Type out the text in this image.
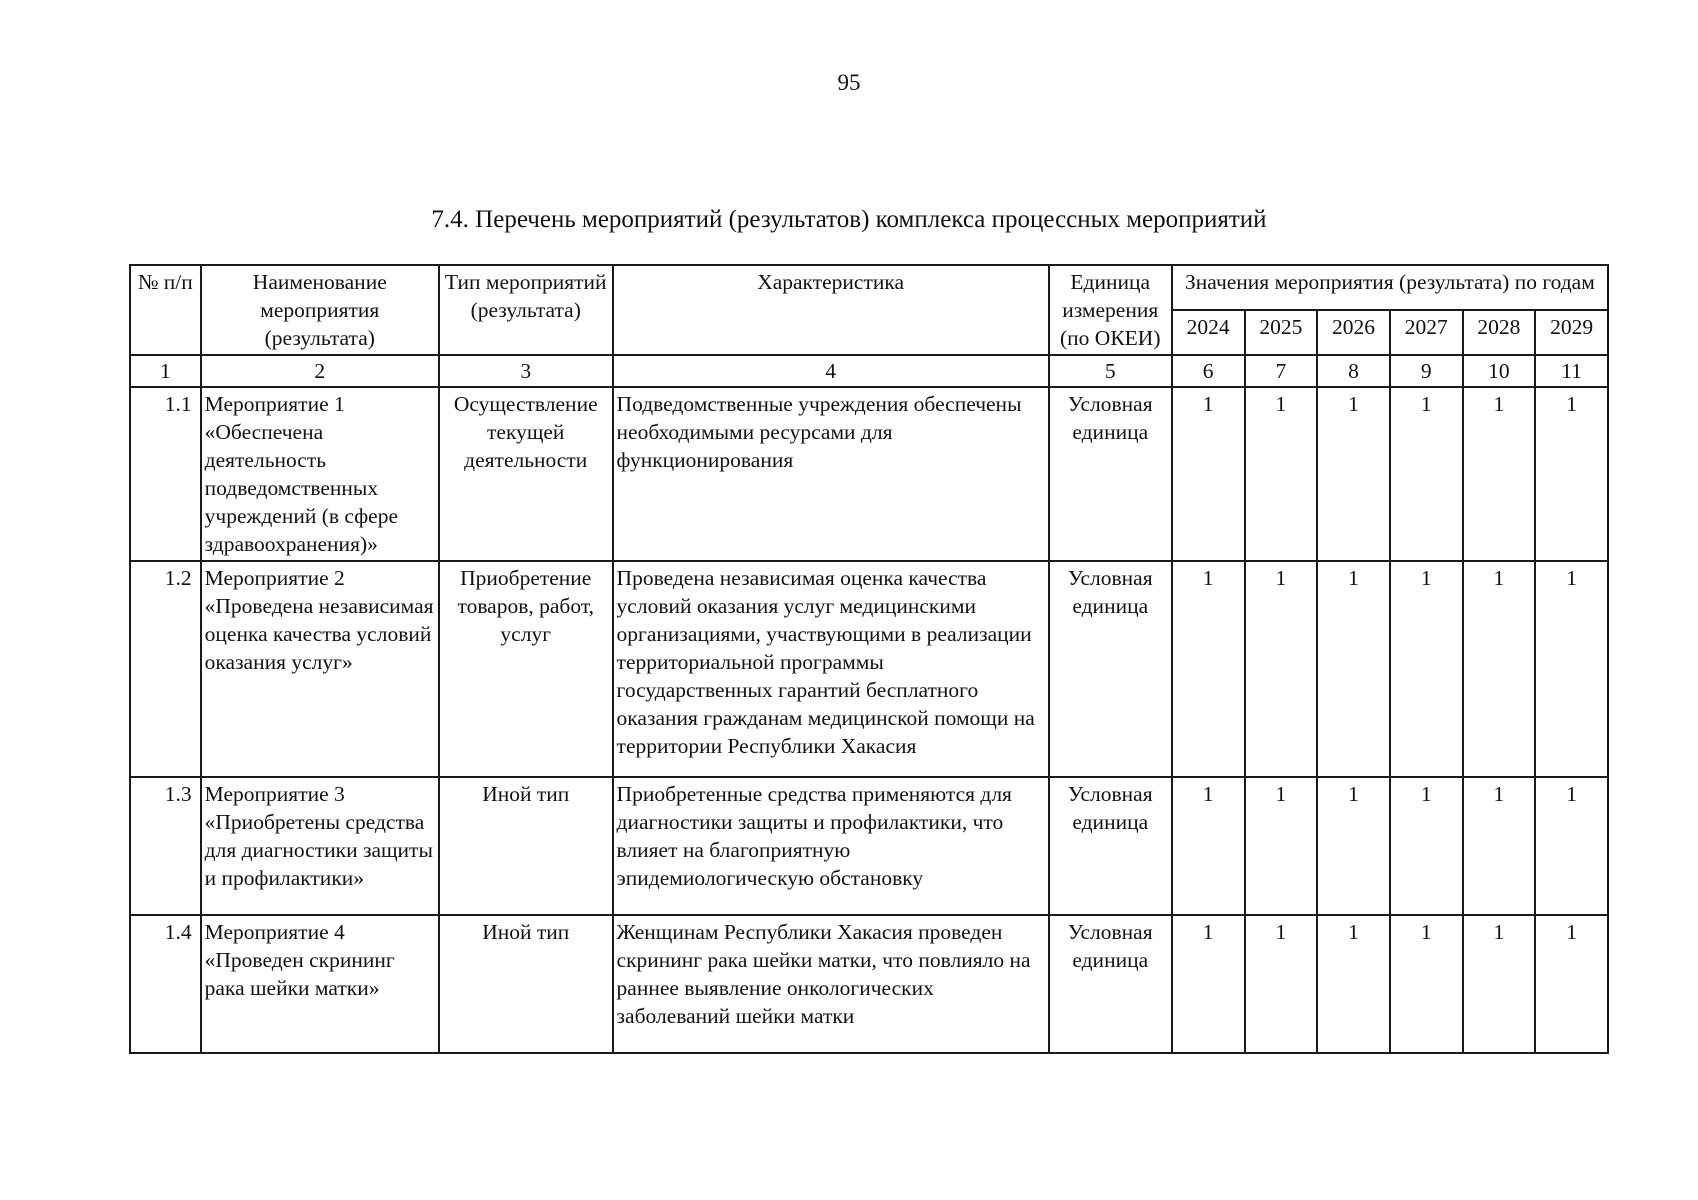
95
7.4. Перечень мероприятий (результатов) комплекса процессных мероприятий
№ п/п	Наименование мероприятия (результата)	Тип мероприятий (результата)	Характеристика	Единица измерения (по ОКЕИ)	Значения мероприятия (результата) по годам					
					2024	2025	2026	2027	2028	2029
1	2	3	4	5	6	7	8	9	10	11
1.1	Мероприятие 1 «Обеспечена деятельность подведомственных учреждений (в сфере здравоохранения)»	Осуществление текущей деятельности	Подведомственные учреждения обеспечены необходимыми ресурсами для функционирования	Условная единица	1	1	1	1	1	1
1.2	Мероприятие 2 «Проведена независимая оценка качества условий оказания услуг»	Приобретение товаров, работ, услуг	Проведена независимая оценка качества условий оказания услуг медицинскими организациями, участвующими в реализации территориальной программы государственных гарантий бесплатного оказания гражданам медицинской помощи на территории Республики Хакасия	Условная единица	1	1	1	1	1	1
1.3	Мероприятие 3 «Приобретены средства для диагностики защиты и профилактики»	Иной тип	Приобретенные средства применяются для диагностики защиты и профилактики, что влияет на благоприятную эпидемиологическую обстановку	Условная единица	1	1	1	1	1	1
1.4	Мероприятие 4 «Проведен скрининг рака шейки матки»	Иной тип	Женщинам Республики Хакасия проведен скрининг рака шейки матки, что повлияло на раннее выявление онкологических заболеваний шейки матки	Условная единица	1	1	1	1	1	1
